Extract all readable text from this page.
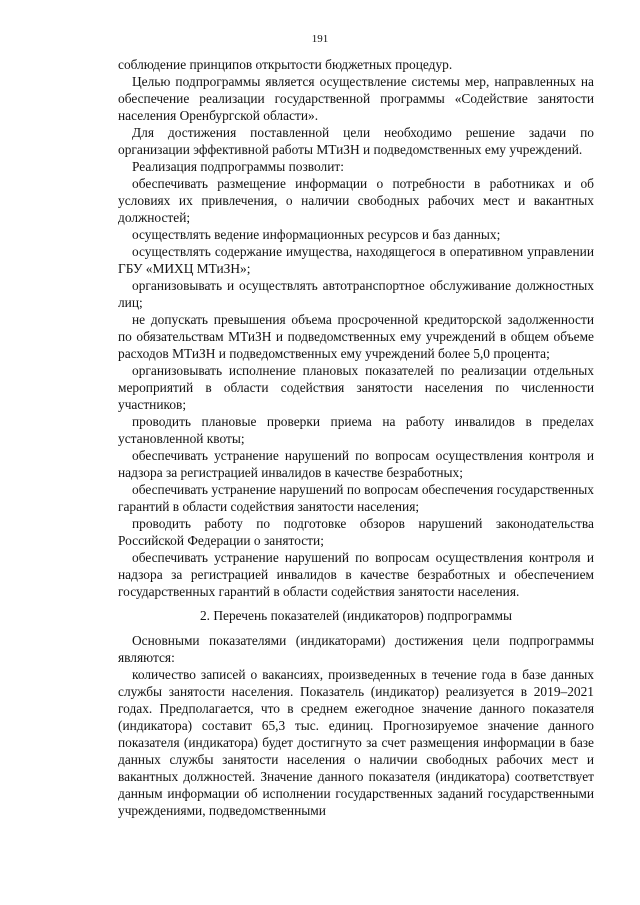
191

соблюдение принципов открытости бюджетных процедур.

Целью подпрограммы является осуществление системы мер, направленных на обеспечение реализации государственной программы «Содействие занятости населения Оренбургской области».

Для достижения поставленной цели необходимо решение задачи по организации эффективной работы МТиЗН и подведомственных ему учреждений.

Реализация подпрограммы позволит:

обеспечивать размещение информации о потребности в работниках и об условиях их привлечения, о наличии свободных рабочих мест и вакантных должностей;

осуществлять ведение информационных ресурсов и баз данных;

осуществлять содержание имущества, находящегося в оперативном управлении ГБУ «МИХЦ МТиЗН»;

организовывать и осуществлять автотранспортное обслуживание должностных лиц;

не допускать превышения объема просроченной кредиторской задолженности по обязательствам МТиЗН и подведомственных ему учреждений в общем объеме расходов МТиЗН и подведомственных ему учреждений более 5,0 процента;

организовывать исполнение плановых показателей по реализации отдельных мероприятий в области содействия занятости населения по численности участников;

проводить плановые проверки приема на работу инвалидов в пределах установленной квоты;

обеспечивать устранение нарушений по вопросам осуществления контроля и надзора за регистрацией инвалидов в качестве безработных;

обеспечивать устранение нарушений по вопросам обеспечения государственных гарантий в области содействия занятости населения;

проводить работу по подготовке обзоров нарушений законодательства Российской Федерации о занятости;

обеспечивать устранение нарушений по вопросам осуществления контроля и надзора за регистрацией инвалидов в качестве безработных и обеспечением государственных гарантий в области содействия занятости населения.

2. Перечень показателей (индикаторов) подпрограммы

Основными показателями (индикаторами) достижения цели подпрограммы являются:

количество записей о вакансиях, произведенных в течение года в базе данных службы занятости населения. Показатель (индикатор) реализуется в 2019–2021 годах. Предполагается, что в среднем ежегодное значение данного показателя (индикатора) составит 65,3 тыс. единиц. Прогнозируемое значение данного показателя (индикатора) будет достигнуто за счет размещения информации в базе данных службы занятости населения о наличии свободных рабочих мест и вакантных должностей. Значение данного показателя (индикатора) соответствует данным информации об исполнении государственных заданий государственными учреждениями, подведомственными
